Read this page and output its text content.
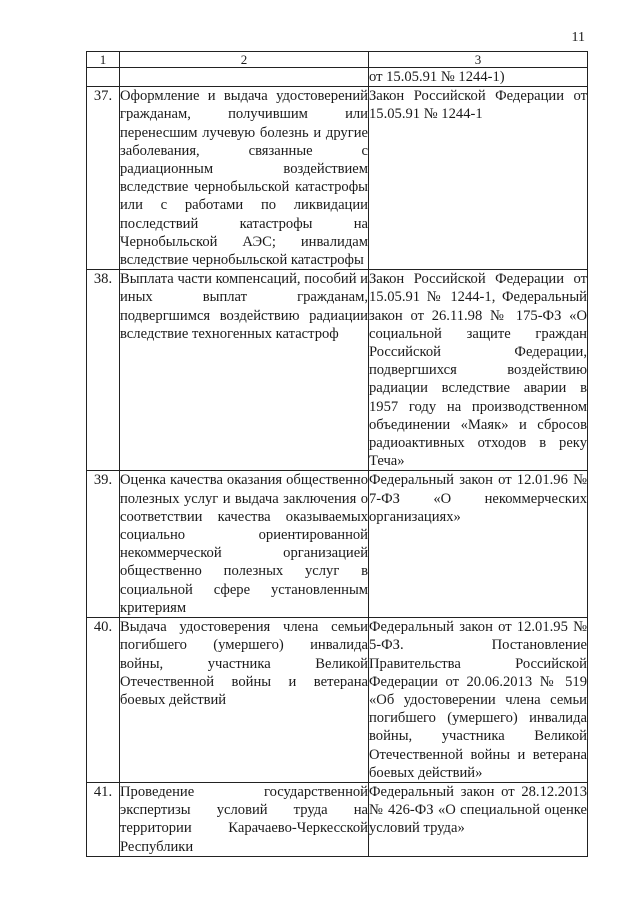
11
1	2	3
		от 15.05.91 № 1244-1)
37.	Оформление и выдача удостоверений гражданам, получившим или перенесшим лучевую болезнь и другие заболевания, связанные с радиационным воздействием вследствие чернобыльской катастрофы или с работами по ликвидации последствий катастрофы на Чернобыльской АЭС; инвалидам вследствие чернобыльской катастрофы	Закон Российской Федерации от 15.05.91 № 1244-1
38.	Выплата части компенсаций, пособий и иных выплат гражданам, подвергшимся воздействию радиации вследствие техногенных катастроф	Закон Российской Федерации от 15.05.91 № 1244-1, Федеральный закон от 26.11.98 № 175-ФЗ «О социальной защите граждан Российской Федерации, подвергшихся воздействию радиации вследствие аварии в 1957 году на производственном объединении «Маяк» и сбросов радиоактивных отходов в реку Теча»
39.	Оценка качества оказания общественно полезных услуг и выдача заключения о соответствии качества оказываемых социально ориентированной некоммерческой организацией общественно полезных услуг в социальной сфере установленным критериям	Федеральный закон от 12.01.96 № 7-ФЗ «О некоммерческих организациях»
40.	Выдача удостоверения члена семьи погибшего (умершего) инвалида войны, участника Великой Отечественной войны и ветерана боевых действий	Федеральный закон от 12.01.95 № 5-ФЗ. Постановление Правительства Российской Федерации от 20.06.2013 № 519 «Об удостоверении члена семьи погибшего (умершего) инвалида войны, участника Великой Отечественной войны и ветерана боевых действий»
41.	Проведение государственной экспертизы условий труда на территории Карачаево-Черкесской Республики	Федеральный закон от 28.12.2013 № 426-ФЗ «О специальной оценке условий труда»
